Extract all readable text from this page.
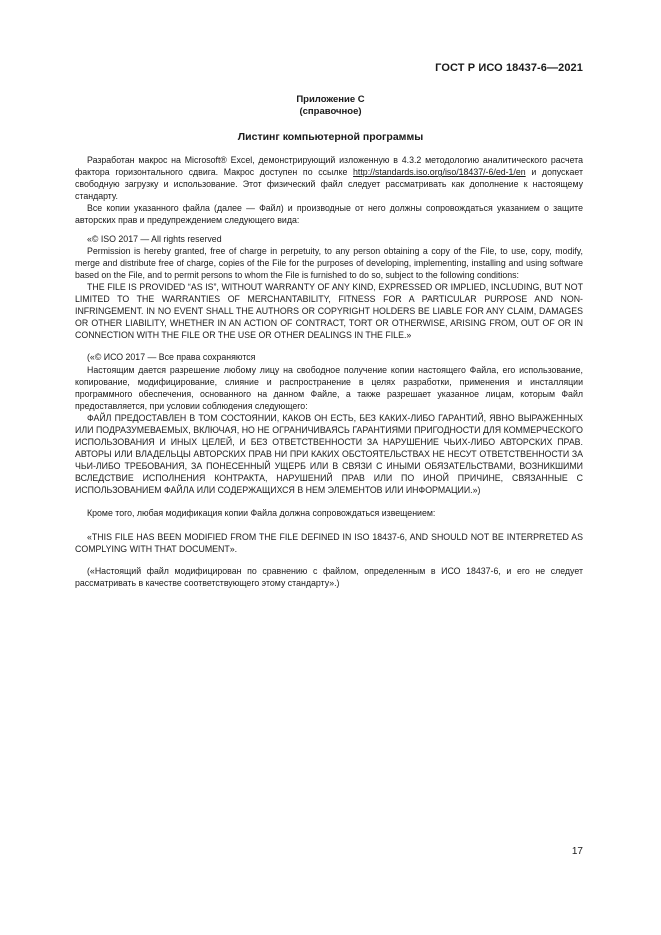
ГОСТ Р ИСО 18437-6—2021
Приложение С
(справочное)
Листинг компьютерной программы

Разработан макрос на Microsoft® Excel, демонстрирующий изложенную в 4.3.2 методологию аналитического расчета фактора горизонтального сдвига. Макрос доступен по ссылке http://standards.iso.org/iso/18437/-6/ed-1/en и допускает свободную загрузку и использование. Этот физический файл следует рассматривать как дополнение к настоящему стандарту.

Все копии указанного файла (далее — Файл) и производные от него должны сопровождаться указанием о защите авторских прав и предупреждением следующего вида:

«© ISO 2017 — All rights reserved

Permission is hereby granted, free of charge in perpetuity, to any person obtaining a copy of the File, to use, copy, modify, merge and distribute free of charge, copies of the File for the purposes of developing, implementing, installing and using software based on the File, and to permit persons to whom the File is furnished to do so, subject to the following conditions:

THE FILE IS PROVIDED “AS IS”, WITHOUT WARRANTY OF ANY KIND, EXPRESSED OR IMPLIED, INCLUDING, BUT NOT LIMITED TO THE WARRANTIES OF MERCHANTABILITY, FITNESS FOR A PARTICULAR PURPOSE AND NON-INFRINGEMENT. IN NO EVENT SHALL THE AUTHORS OR COPYRIGHT HOLDERS BE LIABLE FOR ANY CLAIM, DAMAGES OR OTHER LIABILITY, WHETHER IN AN ACTION OF CONTRACT, TORT OR OTHERWISE, ARISING FROM, OUT OF OR IN CONNECTION WITH THE FILE OR THE USE OR OTHER DEALINGS IN THE FILE.»

(«© ИСО 2017 — Все права сохраняются

Настоящим дается разрешение любому лицу на свободное получение копии настоящего Файла, его использование, копирование, модифицирование, слияние и распространение в целях разработки, применения и инсталляции программного обеспечения, основанного на данном Файле, а также разрешает указанное лицам, которым Файл предоставляется, при условии соблюдения следующего:

ФАЙЛ ПРЕДОСТАВЛЕН В ТОМ СОСТОЯНИИ, КАКОВ ОН ЕСТЬ, БЕЗ КАКИХ-ЛИБО ГАРАНТИЙ, ЯВНО ВЫРАЖЕННЫХ ИЛИ ПОДРАЗУМЕВАЕМЫХ, ВКЛЮЧАЯ, НО НЕ ОГРАНИЧИВАЯСЬ ГАРАНТИЯМИ ПРИГОДНОСТИ ДЛЯ КОММЕРЧЕСКОГО ИСПОЛЬЗОВАНИЯ И ИНЫХ ЦЕЛЕЙ, И БЕЗ ОТВЕТСТВЕННОСТИ ЗА НАРУШЕНИЕ ЧЬИХ-ЛИБО АВТОРСКИХ ПРАВ. АВТОРЫ ИЛИ ВЛАДЕЛЬЦЫ АВТОРСКИХ ПРАВ НИ ПРИ КАКИХ ОБСТОЯТЕЛЬСТВАХ НЕ НЕСУТ ОТВЕТСТВЕННОСТИ ЗА ЧЬИ-ЛИБО ТРЕБОВАНИЯ, ЗА ПОНЕСЕННЫЙ УЩЕРБ ИЛИ В СВЯЗИ С ИНЫМИ ОБЯЗАТЕЛЬСТВАМИ, ВОЗНИКШИМИ ВСЛЕДСТВИЕ ИСПОЛНЕНИЯ КОНТРАКТА, НАРУШЕНИЙ ПРАВ ИЛИ ПО ИНОЙ ПРИЧИНЕ, СВЯЗАННЫЕ С ИСПОЛЬЗОВАНИЕМ ФАЙЛА ИЛИ СОДЕРЖАЩИХСЯ В НЕМ ЭЛЕМЕНТОВ ИЛИ ИНФОРМАЦИИ.»)

Кроме того, любая модификация копии Файла должна сопровождаться извещением:

«THIS FILE HAS BEEN MODIFIED FROM THE FILE DEFINED IN ISO 18437-6, AND SHOULD NOT BE INTERPRETED AS COMPLYING WITH THAT DOCUMENT».

(«Настоящий файл модифицирован по сравнению с файлом, определенным в ИСО 18437-6, и его не следует рассматривать в качестве соответствующего этому стандарту».)

17
